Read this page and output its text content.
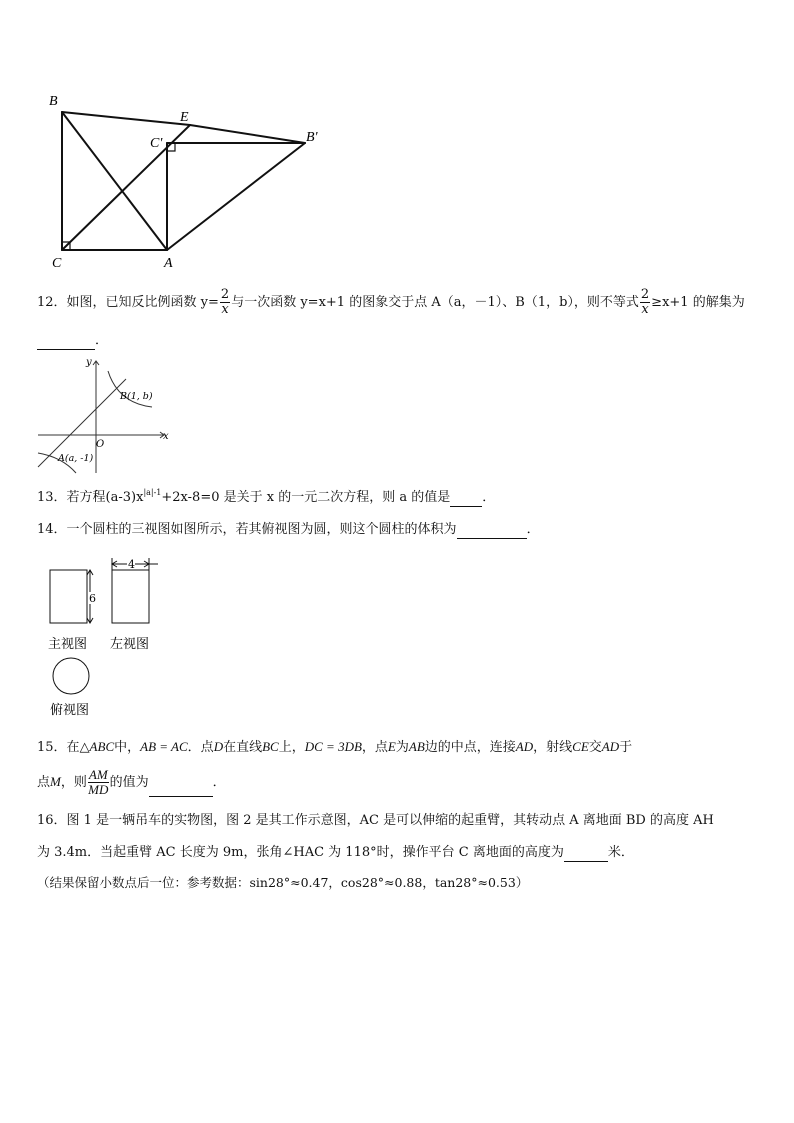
B
E
C'	B'
C	A
12．如图，已知反比例函数 $y= \frac{2}{x}$ 与一次函数 y=x+1 的图象交于点 A（a，－1）、B（1，b），则不等式 $\frac{2}{x} \ge x+1$ 的解集为
．
y
x
O
B(1, b)
A(a, -1)
13．若方程$(a-3)x^{|a|-1}+2x-8=0$ 是关于 x 的一元二次方程，则 a 的值是 ．
14．一个圆柱的三视图如图所示，若其俯视图为圆，则这个圆柱的体积为	．
6
4
主视图 左视图
俯视图
15．在△ABC中，AB = AC．点D在直线BC上，DC = 3DB，点E为AB边的中点，连接AD，射线CE交AD于
点M，则 $\frac{AM}{MD}$ 的值为	．
16．图 1 是一辆吊车的实物图，图 2 是其工作示意图，AC 是可以伸缩的起重臂，其转动点 A 离地面 BD 的高度 AH
为 3.4m．当起重臂 AC 长度为 9m，张角∠HAC 为 118°时，操作平台 C 离地面的高度为	米．
（结果保留小数点后一位：参考数据：sin28°≈0.47，cos28°≈0.88，tan28°≈0.53）
